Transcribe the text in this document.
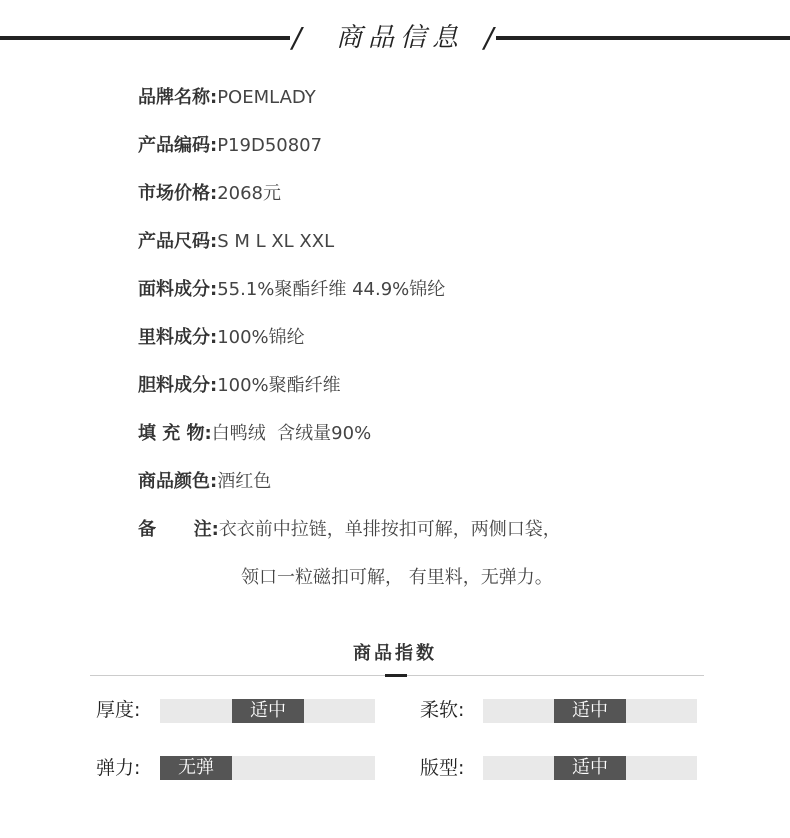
/ 商品信息 /
品牌名称:POEMLADY
产品编码:P19D50807
市场价格:2068元
产品尺码:S M L XL XXL
面料成分:55.1%聚酯纤维 44.9%锦纶
里料成分:100%锦纶
胆料成分:100%聚酯纤维
填 充 物:白鸭绒  含绒量90%
商品颜色:酒红色
备      注:衣衣前中拉链，单排按扣可解，两侧口袋，
领口一粒磁扣可解， 有里料，无弹力。
商品指数
厚度:	适中	柔软:	适中
弹力:	无弹	版型:	适中
